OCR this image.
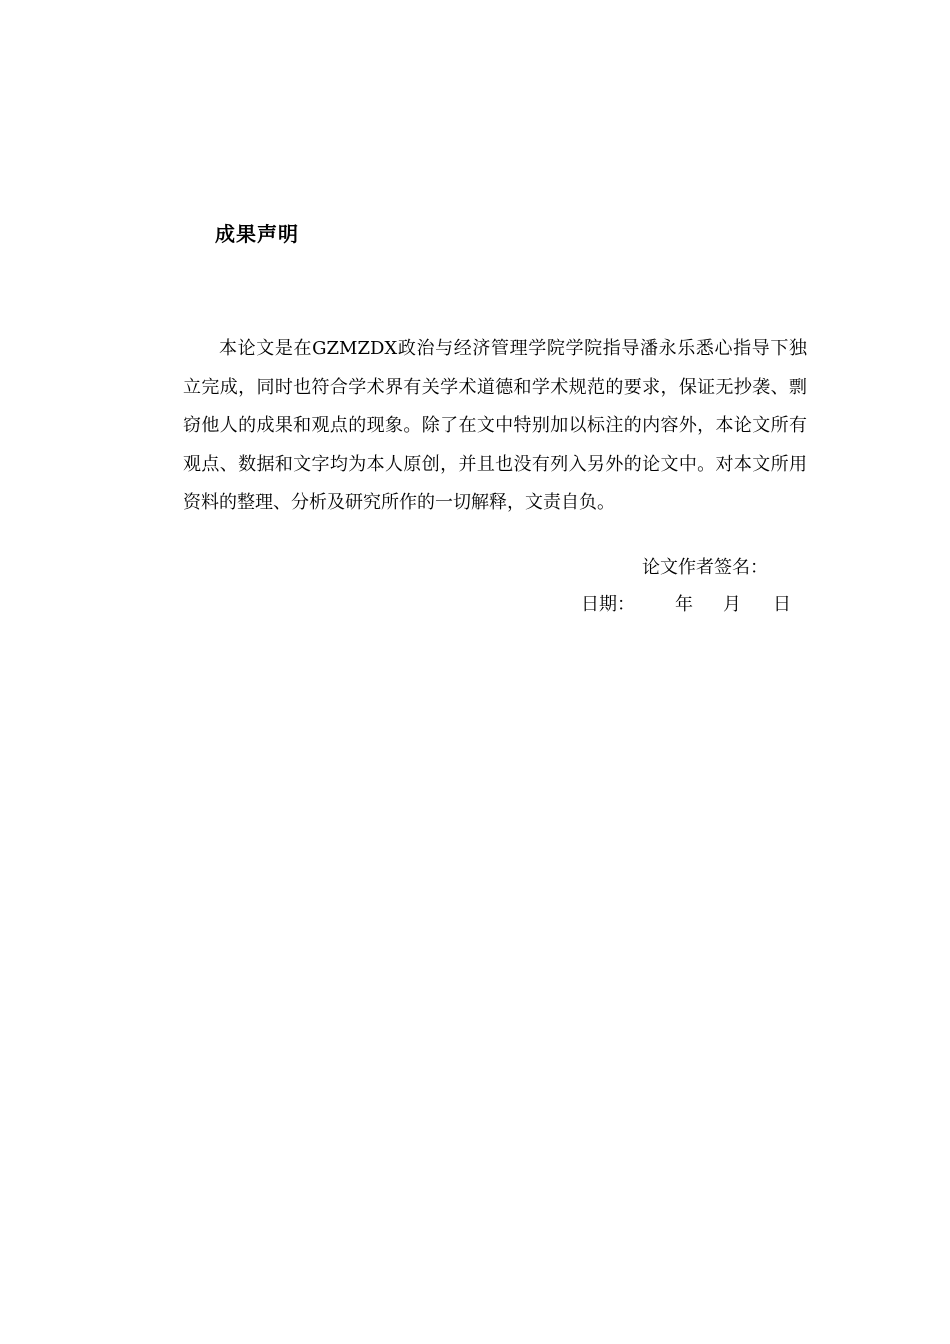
成果声明

本论文是在GZMZDX政治与经济管理学院学院指导潘永乐悉心指导下独立完成，同时也符合学术界有关学术道德和学术规范的要求，保证无抄袭、剽窃他人的成果和观点的现象。除了在文中特别加以标注的内容外，本论文所有观点、数据和文字均为本人原创，并且也没有列入另外的论文中。对本文所用资料的整理、分析及研究所作的一切解释，文责自负。

论文作者签名：
日期： 年 月 日
